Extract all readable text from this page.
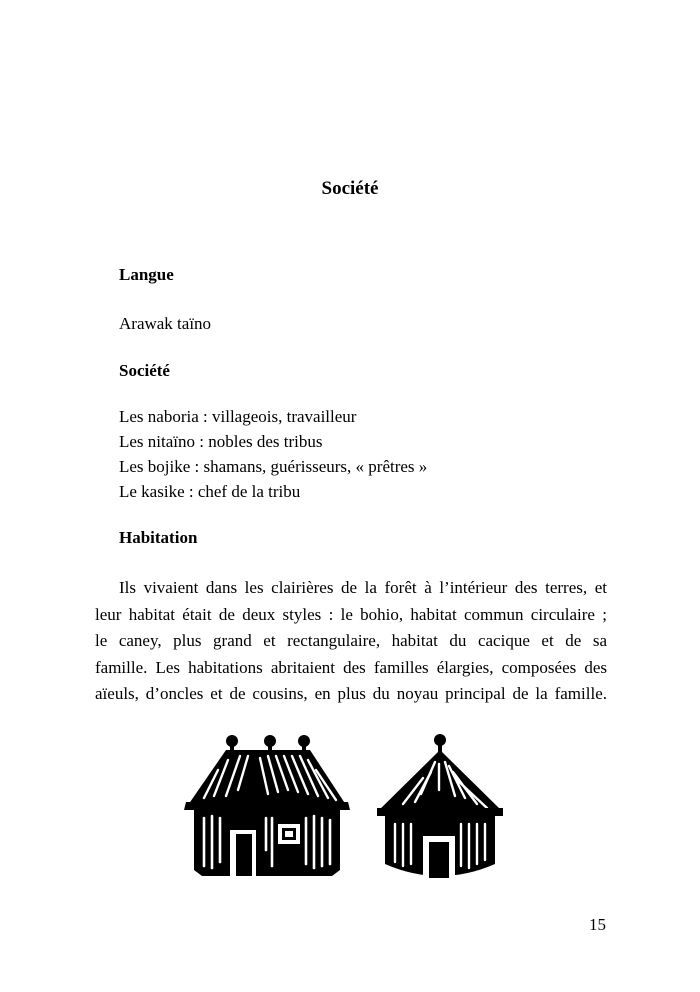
Société
Langue

Arawak taïno

Société

Les naboria : villageois, travailleur

Les nitaïno : nobles des tribus

Les bojike : shamans, guérisseurs, « prêtres »

Le kasike : chef de la tribu

Habitation
Ils vivaient dans les clairières de la forêt à l’intérieur des terres, et
leur habitat était de deux styles : le bohio, habitat commun circulaire ;
le caney, plus grand et rectangulaire, habitat du cacique et de sa
famille. Les habitations abritaient des familles élargies, composées des
aïeuls, d’oncles et de cousins, en plus du noyau principal de la famille.

15
